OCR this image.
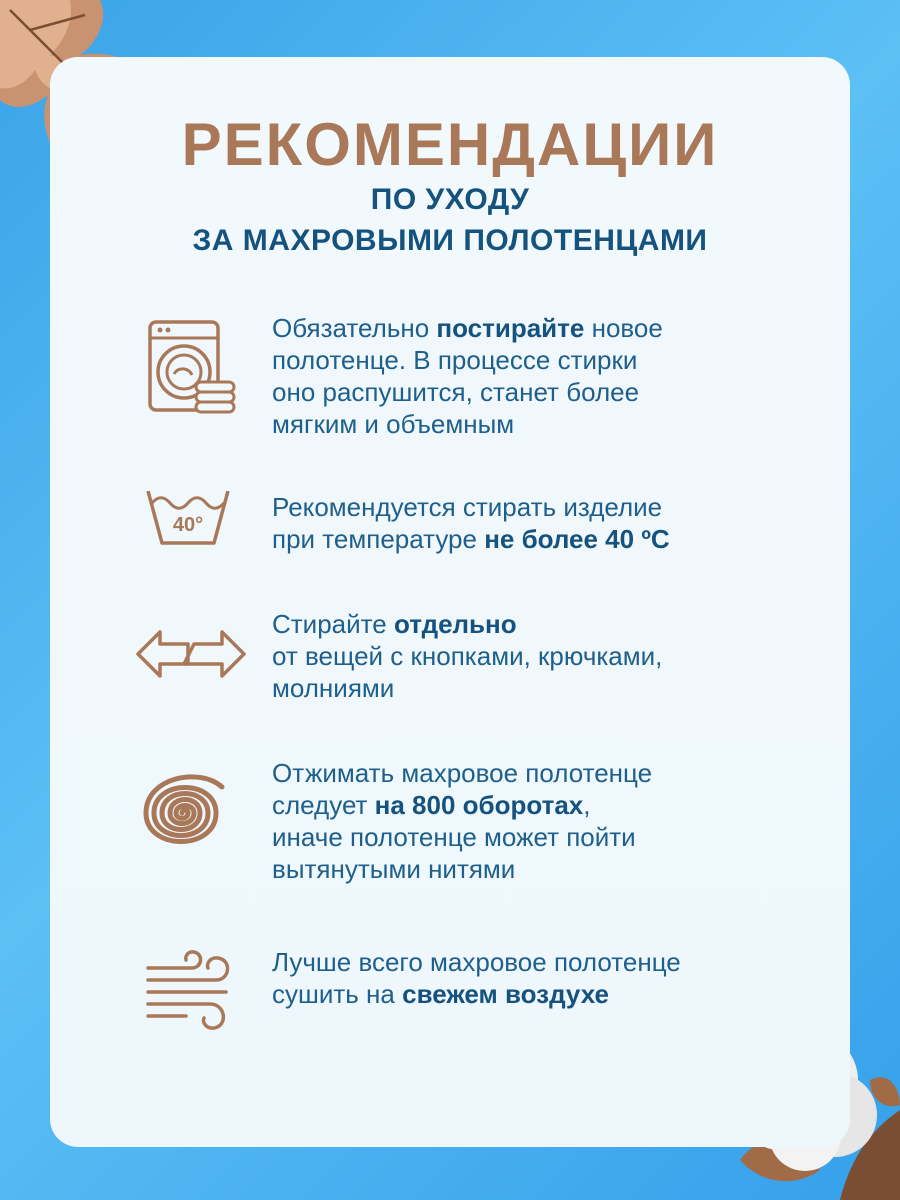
РЕКОМЕНДАЦИИ

ПО УХОДУ

ЗА МАХРОВЫМИ ПОЛОТЕНЦАМИ

Обязательно постирайте новое
полотенце. В процессе стирки
оно распушится, станет более
мягким и объемным

40°

Рекомендуется стирать изделие
при температуре не более 40 ºС

Стирайте отдельно
от вещей с кнопками, крючками,
молниями

Отжимать махровое полотенце
следует на 800 оборотах,
иначе полотенце может пойти
вытянутыми нитями

Лучше всего махровое полотенце
сушить на свежем воздухе
